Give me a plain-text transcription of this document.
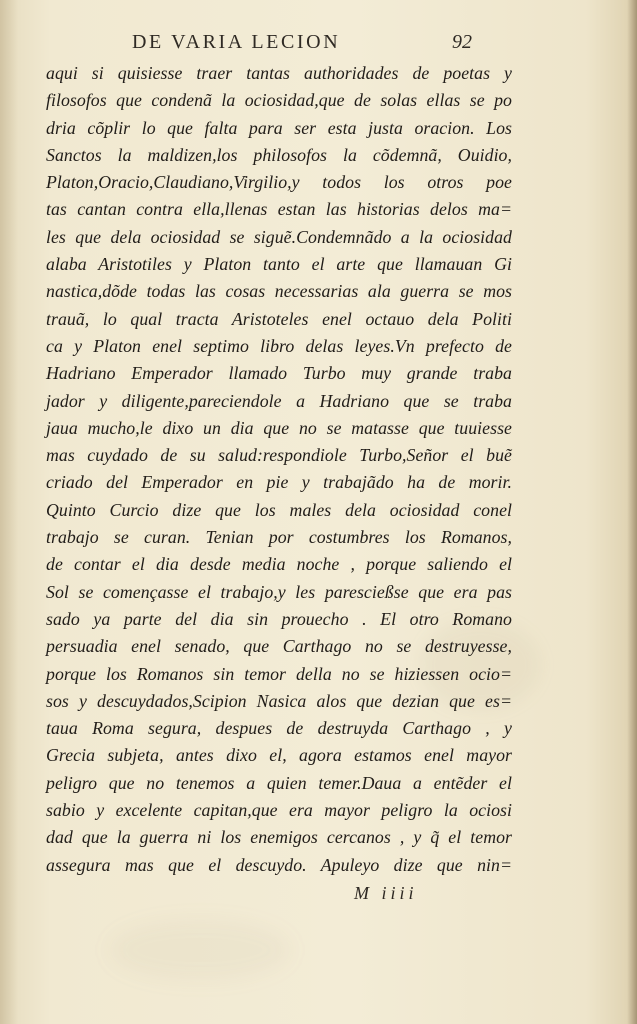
DE VARIA LECION	92
aqui si quisiesse traer tantas authoridades de poetas y
filosofos que condenã la ociosidad,que de solas ellas se po
dria cõplir lo que falta para ser esta justa oracion. Los
Sanctos la maldizen,los philosofos la cõdemnã, Ouidio,
Platon,Oracio,Claudiano,Virgilio,y todos los otros poe
tas cantan contra ella,llenas estan las historias delos ma=
les que dela ociosidad se siguẽ.Condemnãdo a la ociosidad
alaba Aristotiles y Platon tanto el arte que llamauan Gi
nastica,dõde todas las cosas necessarias ala guerra se mos
trauã, lo qual tracta Aristoteles enel octauo dela Politi
ca y Platon enel septimo libro delas leyes.Vn prefecto de
Hadriano Emperador llamado Turbo muy grande traba
jador y diligente,pareciendole a Hadriano que se traba
jaua mucho,le dixo un dia que no se matasse que tuuiesse
mas cuydado de su salud:respondiole Turbo,Señor el buẽ
criado del Emperador en pie y trabajãdo ha de morir.
Quinto Curcio dize que los males dela ociosidad conel
trabajo se curan. Tenian por costumbres los Romanos,
de contar el dia desde media noche , porque saliendo el
Sol se començasse el trabajo,y les parescießse que era pas
sado ya parte del dia sin prouecho . El otro Romano
persuadia enel senado, que Carthago no se destruyesse,
porque los Romanos sin temor della no se hiziessen ocio=
sos y descuydados,Scipion Nasica alos que dezian que es=
taua Roma segura, despues de destruyda Carthago , y
Grecia subjeta, antes dixo el, agora estamos enel mayor
peligro que no tenemos a quien temer.Daua a entẽder el
sabio y excelente capitan,que era mayor peligro la ociosi
dad que la guerra ni los enemigos cercanos , y q̃ el temor
assegura mas que el descuydo. Apuleyo dize que nin=
M iiii
